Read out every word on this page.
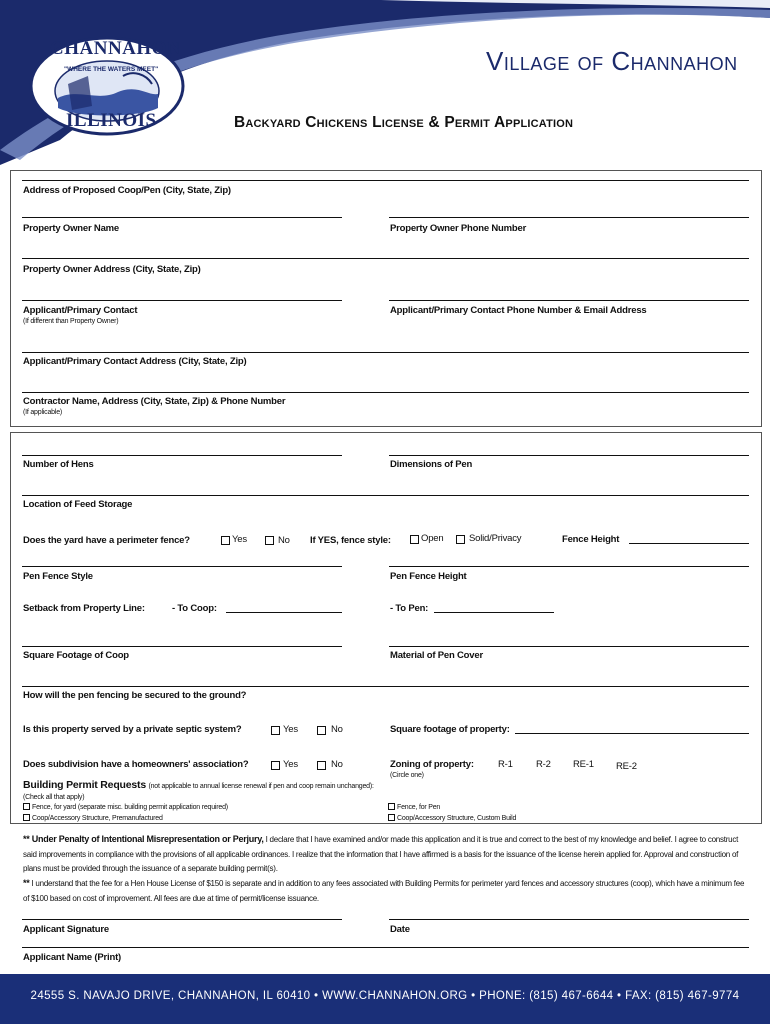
CHANNAHON
"WHERE THE WATERS MEET"
ILLINOIS
Village of Channahon
Backyard Chickens License & Permit Application
Address of Proposed Coop/Pen (City, State, Zip)
Property Owner Name	Property Owner Phone Number
Property Owner Address (City, State, Zip)
Applicant/Primary Contact
(If different than Property Owner)
Applicant/Primary Contact Phone Number & Email Address
Applicant/Primary Contact Address (City, State, Zip)
Contractor Name, Address (City, State, Zip) & Phone Number
(If applicable)
Number of Hens	Dimensions of Pen
Location of Feed Storage
Does the yard have a perimeter fence?	Yes	No If YES, fence style:	Open	Solid/Privacy	Fence Height
Pen Fence Style	Pen Fence Height
Setback from Property Line:	- To Coop:	- To Pen:
Square Footage of Coop	Material of Pen Cover
How will the pen fencing be secured to the ground?
Is this property served by a private septic system?	Yes	No	Square footage of property:
Does subdivision have a homeowners' association?	Yes	No	Zoning of property:
(Circle one)
R-1 R-2 RE-1 RE-2
Building Permit Requests (not applicable to annual license renewal if pen and coop remain unchanged):
(Check all that apply)
Fence, for yard (separate misc. building permit application required)
Coop/Accessory Structure, Premanufactured
Fence, for Pen
Coop/Accessory Structure, Custom Build
** Under Penalty of Intentional Misrepresentation or Perjury, I declare that I have examined and/or made this application and it is true and correct to the best of my knowledge and belief. I agree to construct said improvements in compliance with the provisions of all applicable ordinances. I realize that the information that I have affirmed is a basis for the issuance of the license herein applied for. Approval and construction of plans must be provided through the issuance of a separate building permit(s).
** I understand that the fee for a Hen House License of $150 is separate and in addition to any fees associated with Building Permits for perimeter yard fences and accessory structures (coop), which have a minimum fee of $100 based on cost of improvement. All fees are due at time of permit/license issuance.
Applicant Signature	Date
Applicant Name (Print)
24555 S. NAVAJO DRIVE, CHANNAHON, IL 60410 • WWW.CHANNAHON.ORG • PHONE: (815) 467-6644 • FAX: (815) 467-9774
